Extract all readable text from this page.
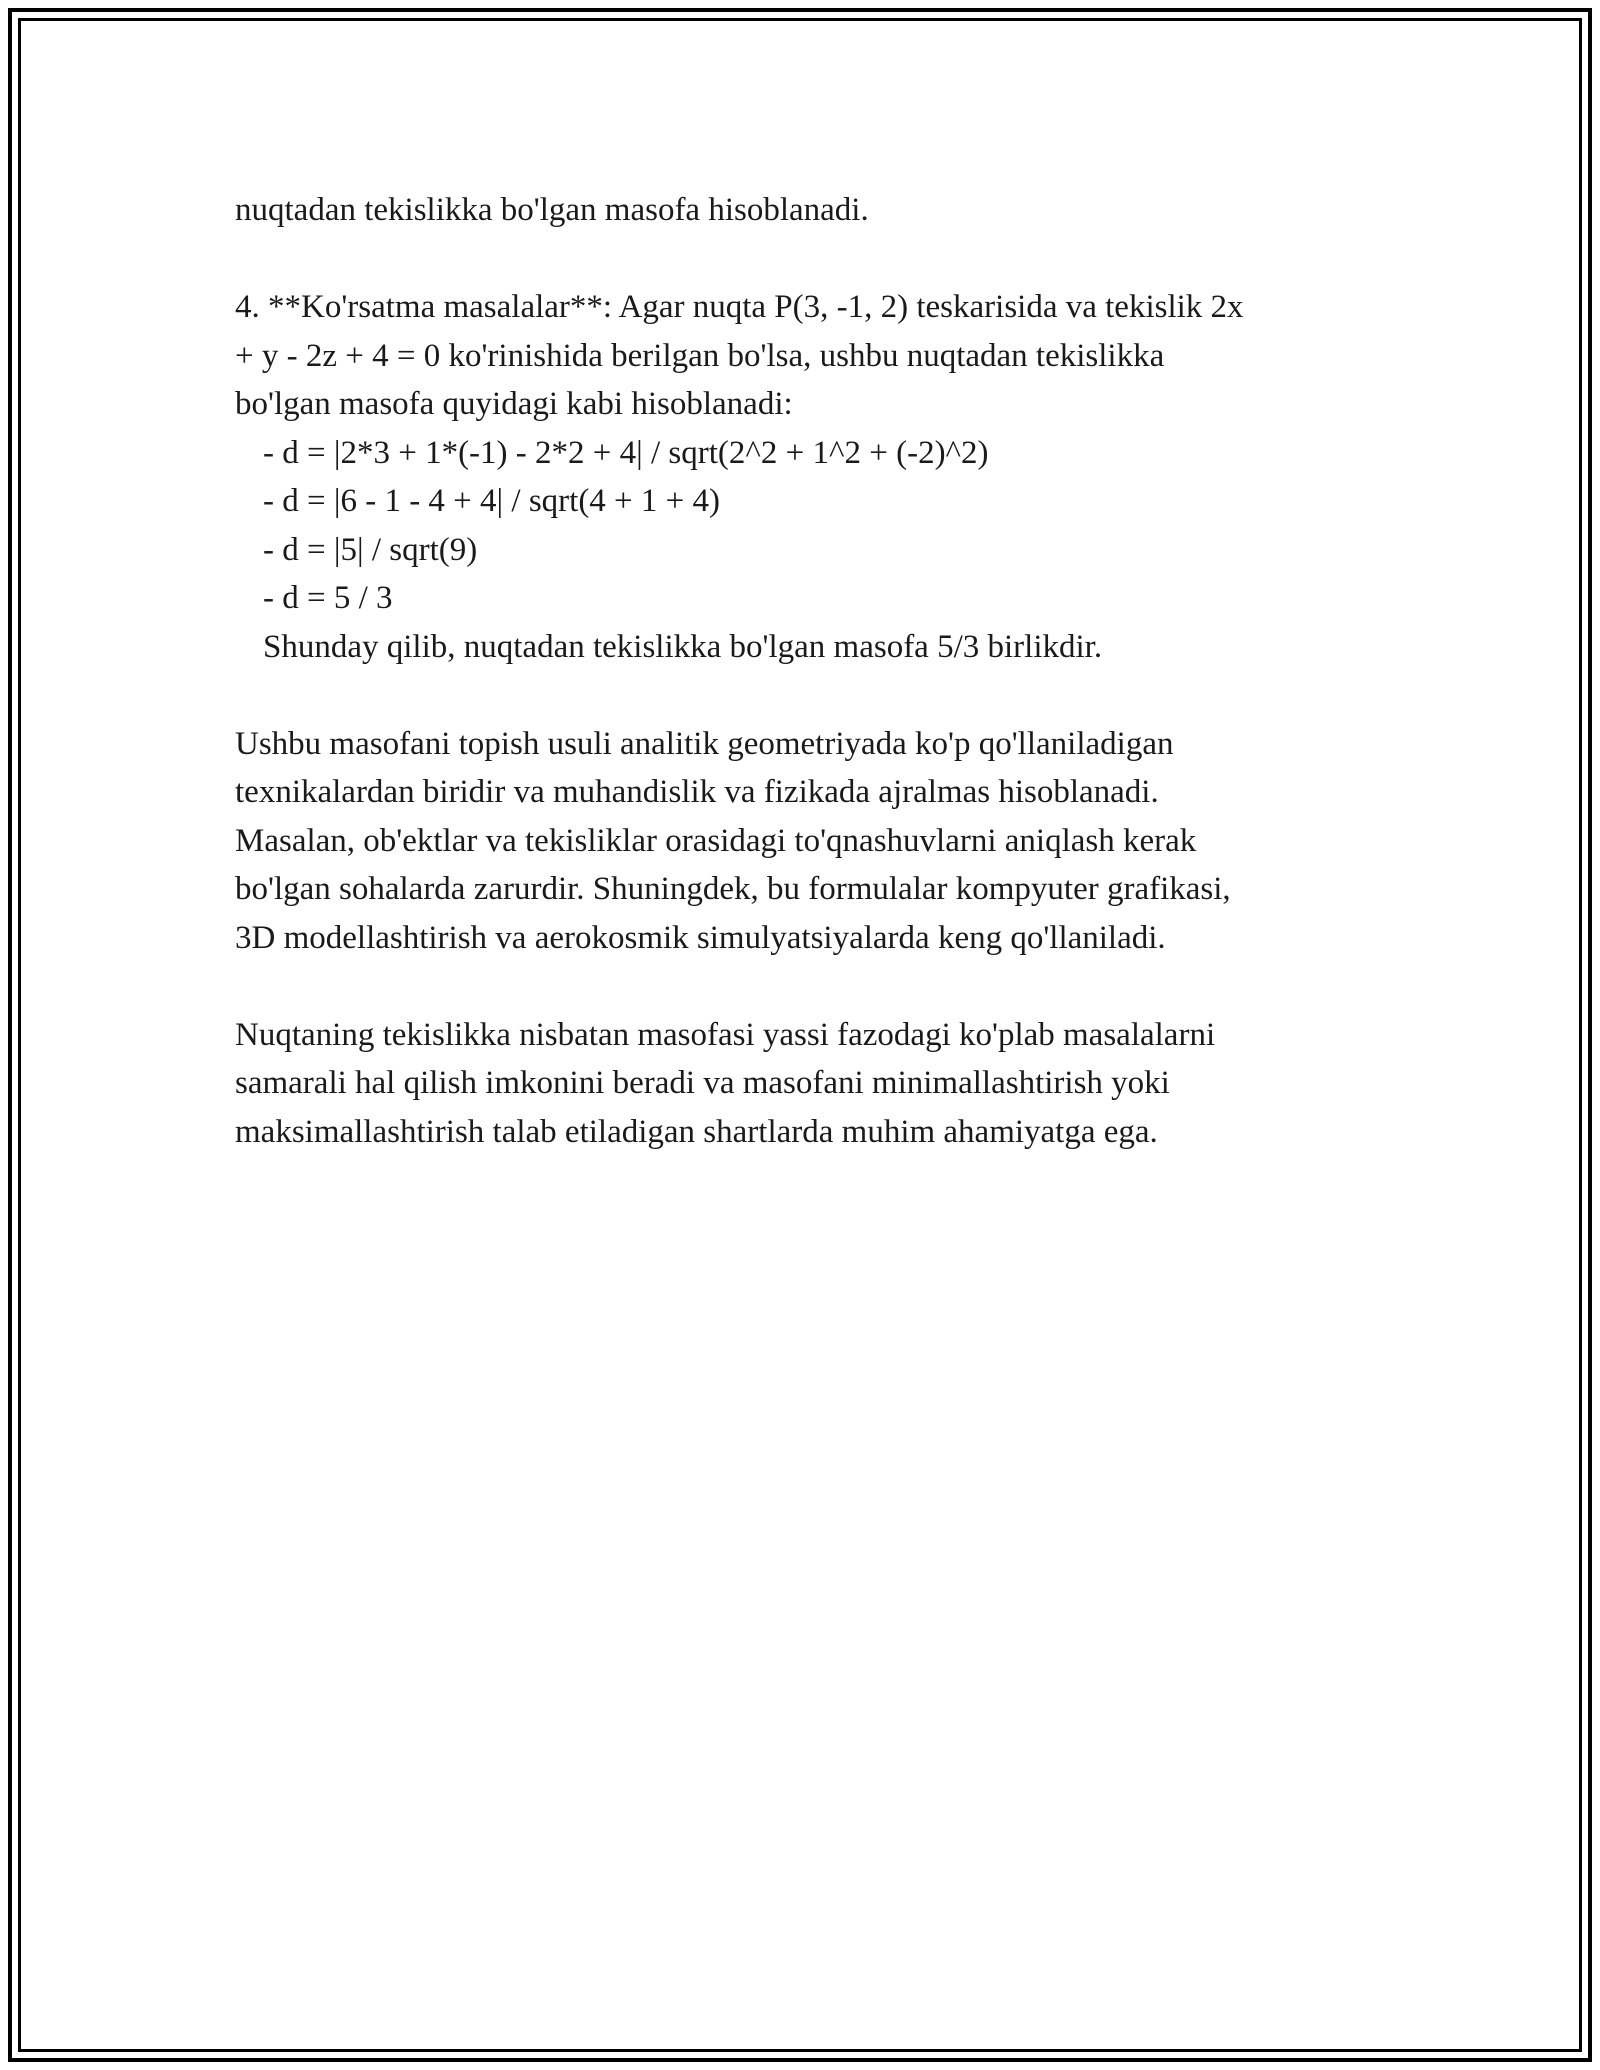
nuqtadan tekislikka bo'lgan masofa hisoblanadi.
4. **Ko'rsatma masalalar**: Agar nuqta P(3, -1, 2) teskarisida va tekislik 2x
+ y - 2z + 4 = 0 ko'rinishida berilgan bo'lsa, ushbu nuqtadan tekislikka
bo'lgan masofa quyidagi kabi hisoblanadi:
- d = |2*3 + 1*(-1) - 2*2 + 4| / sqrt(2^2 + 1^2 + (-2)^2)
- d = |6 - 1 - 4 + 4| / sqrt(4 + 1 + 4)
- d = |5| / sqrt(9)
- d = 5 / 3
Shunday qilib, nuqtadan tekislikka bo'lgan masofa 5/3 birlikdir.
Ushbu masofani topish usuli analitik geometriyada ko'p qo'llaniladigan
texnikalardan biridir va muhandislik va fizikada ajralmas hisoblanadi.
Masalan, ob'ektlar va tekisliklar orasidagi to'qnashuvlarni aniqlash kerak
bo'lgan sohalarda zarurdir. Shuningdek, bu formulalar kompyuter grafikasi,
3D modellashtirish va aerokosmik simulyatsiyalarda keng qo'llaniladi.
Nuqtaning tekislikka nisbatan masofasi yassi fazodagi ko'plab masalalarni
samarali hal qilish imkonini beradi va masofani minimallashtirish yoki
maksimallashtirish talab etiladigan shartlarda muhim ahamiyatga ega.
